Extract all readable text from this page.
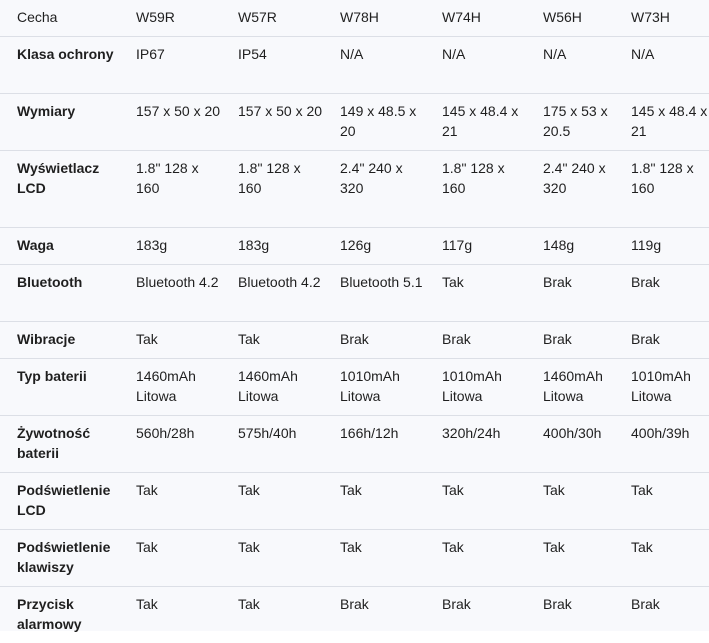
Cecha	W59R	W57R	W78H	W74H	W56H	W73H
Klasa ochrony	IP67	IP54	N/A	N/A	N/A	N/A
Wymiary	157 x 50 x 20	157 x 50 x 20	149 x 48.5 x 20	145 x 48.4 x 21	175 x 53 x 20.5	145 x 48.4 x 21
Wyświetlacz LCD	1.8" 128 x 160	1.8" 128 x 160	2.4" 240 x 320	1.8" 128 x 160	2.4" 240 x 320	1.8" 128 x 160
Waga	183g	183g	126g	117g	148g	119g
Bluetooth	Bluetooth 4.2	Bluetooth 4.2	Bluetooth 5.1	Tak	Brak	Brak
Wibracje	Tak	Tak	Brak	Brak	Brak	Brak
Typ baterii	1460mAh Litowa	1460mAh Litowa	1010mAh Litowa	1010mAh Litowa	1460mAh Litowa	1010mAh Litowa
Żywotność baterii	560h/28h	575h/40h	166h/12h	320h/24h	400h/30h	400h/39h
Podświetlenie LCD	Tak	Tak	Tak	Tak	Tak	Tak
Podświetlenie klawiszy	Tak	Tak	Tak	Tak	Tak	Tak
Przycisk alarmowy	Tak	Tak	Brak	Brak	Brak	Brak
